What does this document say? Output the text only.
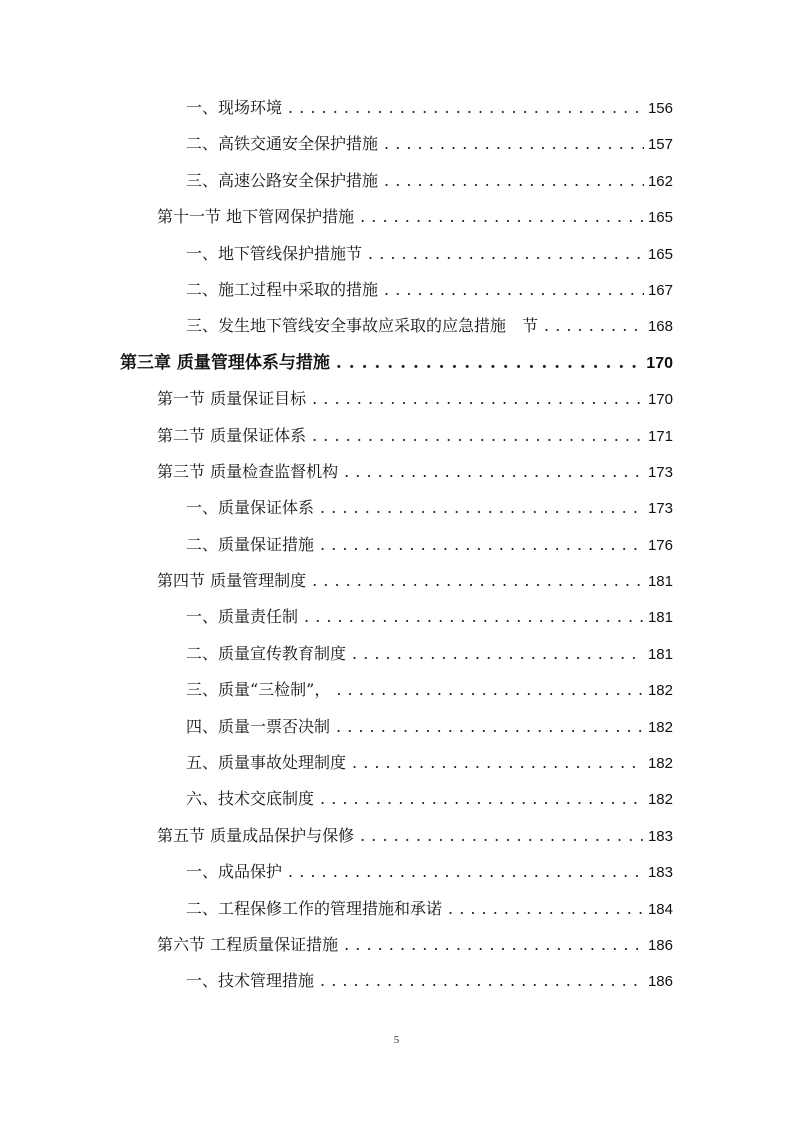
一、现场环境 . . .	156
二、高铁交通安全保护措施 . . .	157
三、高速公路安全保护措施 . . .	162
第十一节 地下管网保护措施 . . .	165
一、地下管线保护措施节 . . .	165
二、施工过程中采取的措施 . . .	167
三、发生地下管线安全事故应采取的应急措施　节 . . .	168
第三章 质量管理体系与措施 . . .	170
第一节 质量保证目标 . . .	170
第二节 质量保证体系 . . .	171
第三节 质量检查监督机构 . . .	173
一、质量保证体系 . . .	173
二、质量保证措施 . . .	176
第四节 质量管理制度 . . .	181
一、质量责任制 . . .	181
二、质量宣传教育制度 . . .	181
三、质量“三检制”， . . .	182
四、质量一票否决制 . . .	182
五、质量事故处理制度 . . .	182
六、技术交底制度 . . .	182
第五节 质量成品保护与保修 . . .	183
一、成品保护 . . .	183
二、工程保修工作的管理措施和承诺 . . .	184
第六节 工程质量保证措施 . . .	186
一、技术管理措施 . . .	186
5
